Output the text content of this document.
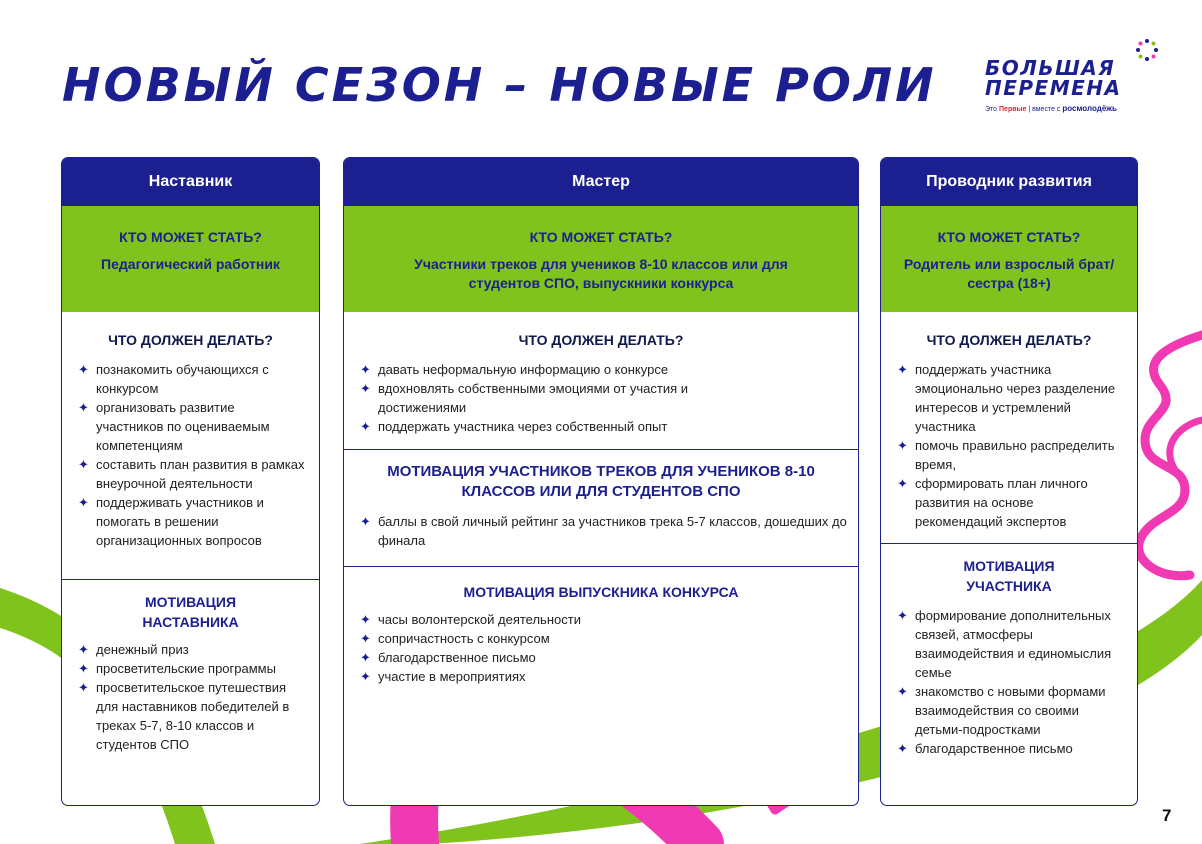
НОВЫЙ СЕЗОН – НОВЫЕ РОЛИ БОЛЬШАЯ
ПЕРЕМЕНА
Это Первые | вместе с росмолодёжь
Наставник
КТО МОЖЕТ СТАТЬ?

Педагогический работник

ЧТО ДОЛЖЕН ДЕЛАТЬ?
✦ познакомить обучающихся с конкурсом
✦ организовать развитие участников по оцениваемым компетенциям
✦ составить план развития в рамках внеурочной деятельности
✦ поддерживать участников и помогать в решении организационных вопросов
МОТИВАЦИЯ НАСТАВНИКА
✦ денежный приз
✦ просветительские программы
✦ просветительское путешествия для наставников победителей в треках 5-7, 8-10 классов и студентов СПО
Мастер
КТО МОЖЕТ СТАТЬ?

Участники треков для учеников 8-10 классов или для студентов СПО, выпускники конкурса

ЧТО ДОЛЖЕН ДЕЛАТЬ?
✦ давать неформальную информацию о конкурсе
✦ вдохновлять собственными эмоциями от участия и достижениями
✦ поддержать участника через собственный опыт
МОТИВАЦИЯ УЧАСТНИКОВ ТРЕКОВ ДЛЯ УЧЕНИКОВ 8-10 КЛАССОВ ИЛИ ДЛЯ СТУДЕНТОВ СПО
✦ баллы в свой личный рейтинг за участников трека 5-7 классов, дошедших до финала
МОТИВАЦИЯ ВЫПУСКНИКА КОНКУРСА
✦ часы волонтерской деятельности
✦ сопричастность с конкурсом
✦ благодарственное письмо
✦ участие в мероприятиях
Проводник развития
КТО МОЖЕТ СТАТЬ?

Родитель или взрослый брат/сестра (18+)

ЧТО ДОЛЖЕН ДЕЛАТЬ?
✦ поддержать участника эмоционально через разделение интересов и устремлений участника
✦ помочь правильно распределить время,
✦ сформировать план личного развития на основе рекомендаций экспертов
МОТИВАЦИЯ УЧАСТНИКА
✦ формирование дополнительных связей, атмосферы взаимодействия и единомыслия семье
✦ знакомство с новыми формами взаимодействия со своими детьми-подростками
✦ благодарственное письмо
7
